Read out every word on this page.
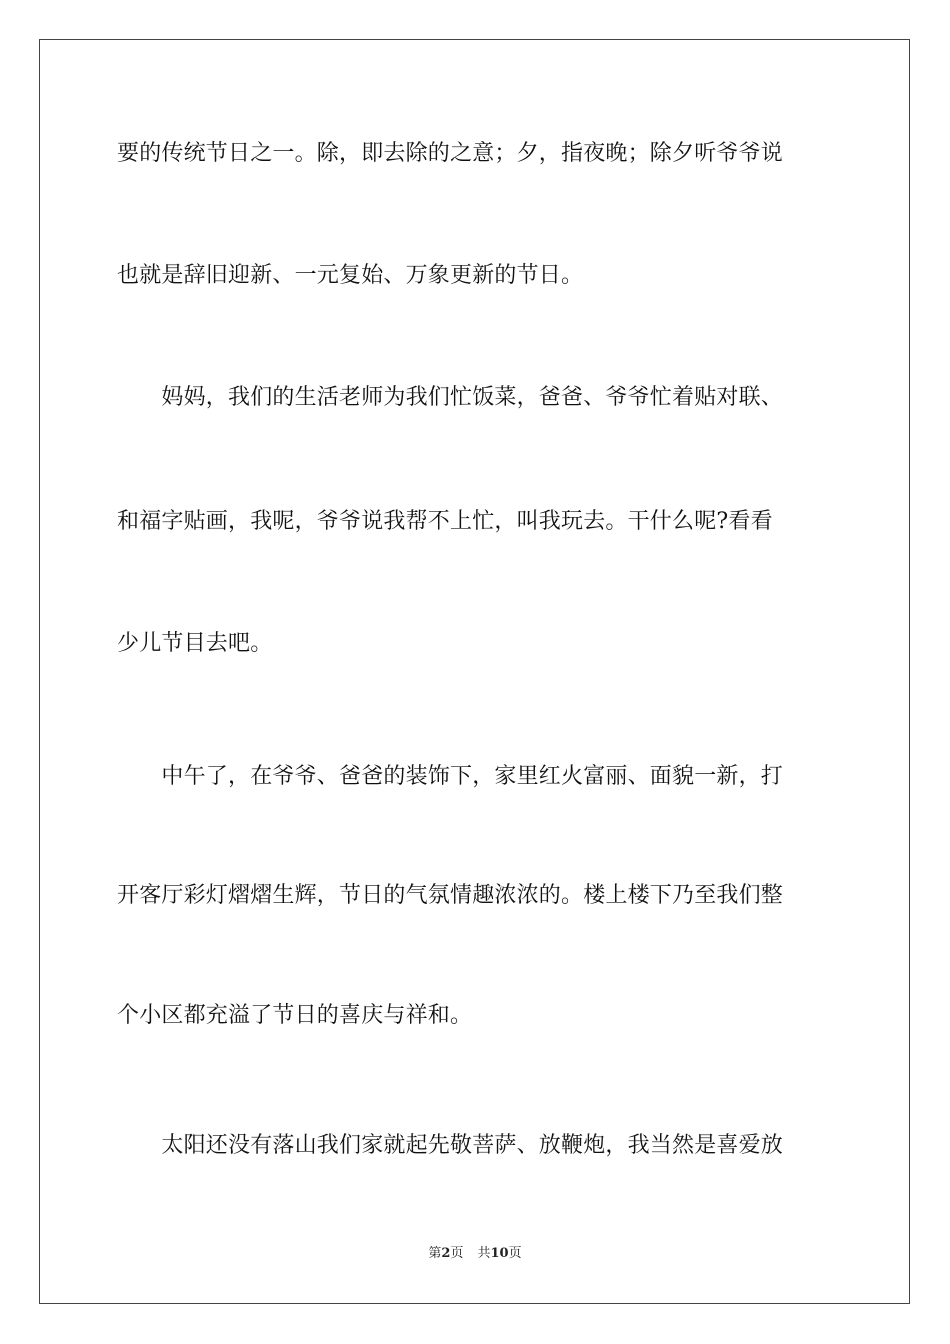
要的传统节日之一。除，即去除的之意；夕，指夜晚；除夕听爷爷说
也就是辞旧迎新、一元复始、万象更新的节日。
　　妈妈，我们的生活老师为我们忙饭菜，爸爸、爷爷忙着贴对联、
和福字贴画，我呢，爷爷说我帮不上忙，叫我玩去。干什么呢?看看
少儿节目去吧。
　　中午了，在爷爷、爸爸的装饰下，家里红火富丽、面貌一新，打
开客厅彩灯熠熠生辉，节日的气氛情趣浓浓的。楼上楼下乃至我们整
个小区都充溢了节日的喜庆与祥和。
　　太阳还没有落山我们家就起先敬菩萨、放鞭炮，我当然是喜爱放
第2页 共10页
